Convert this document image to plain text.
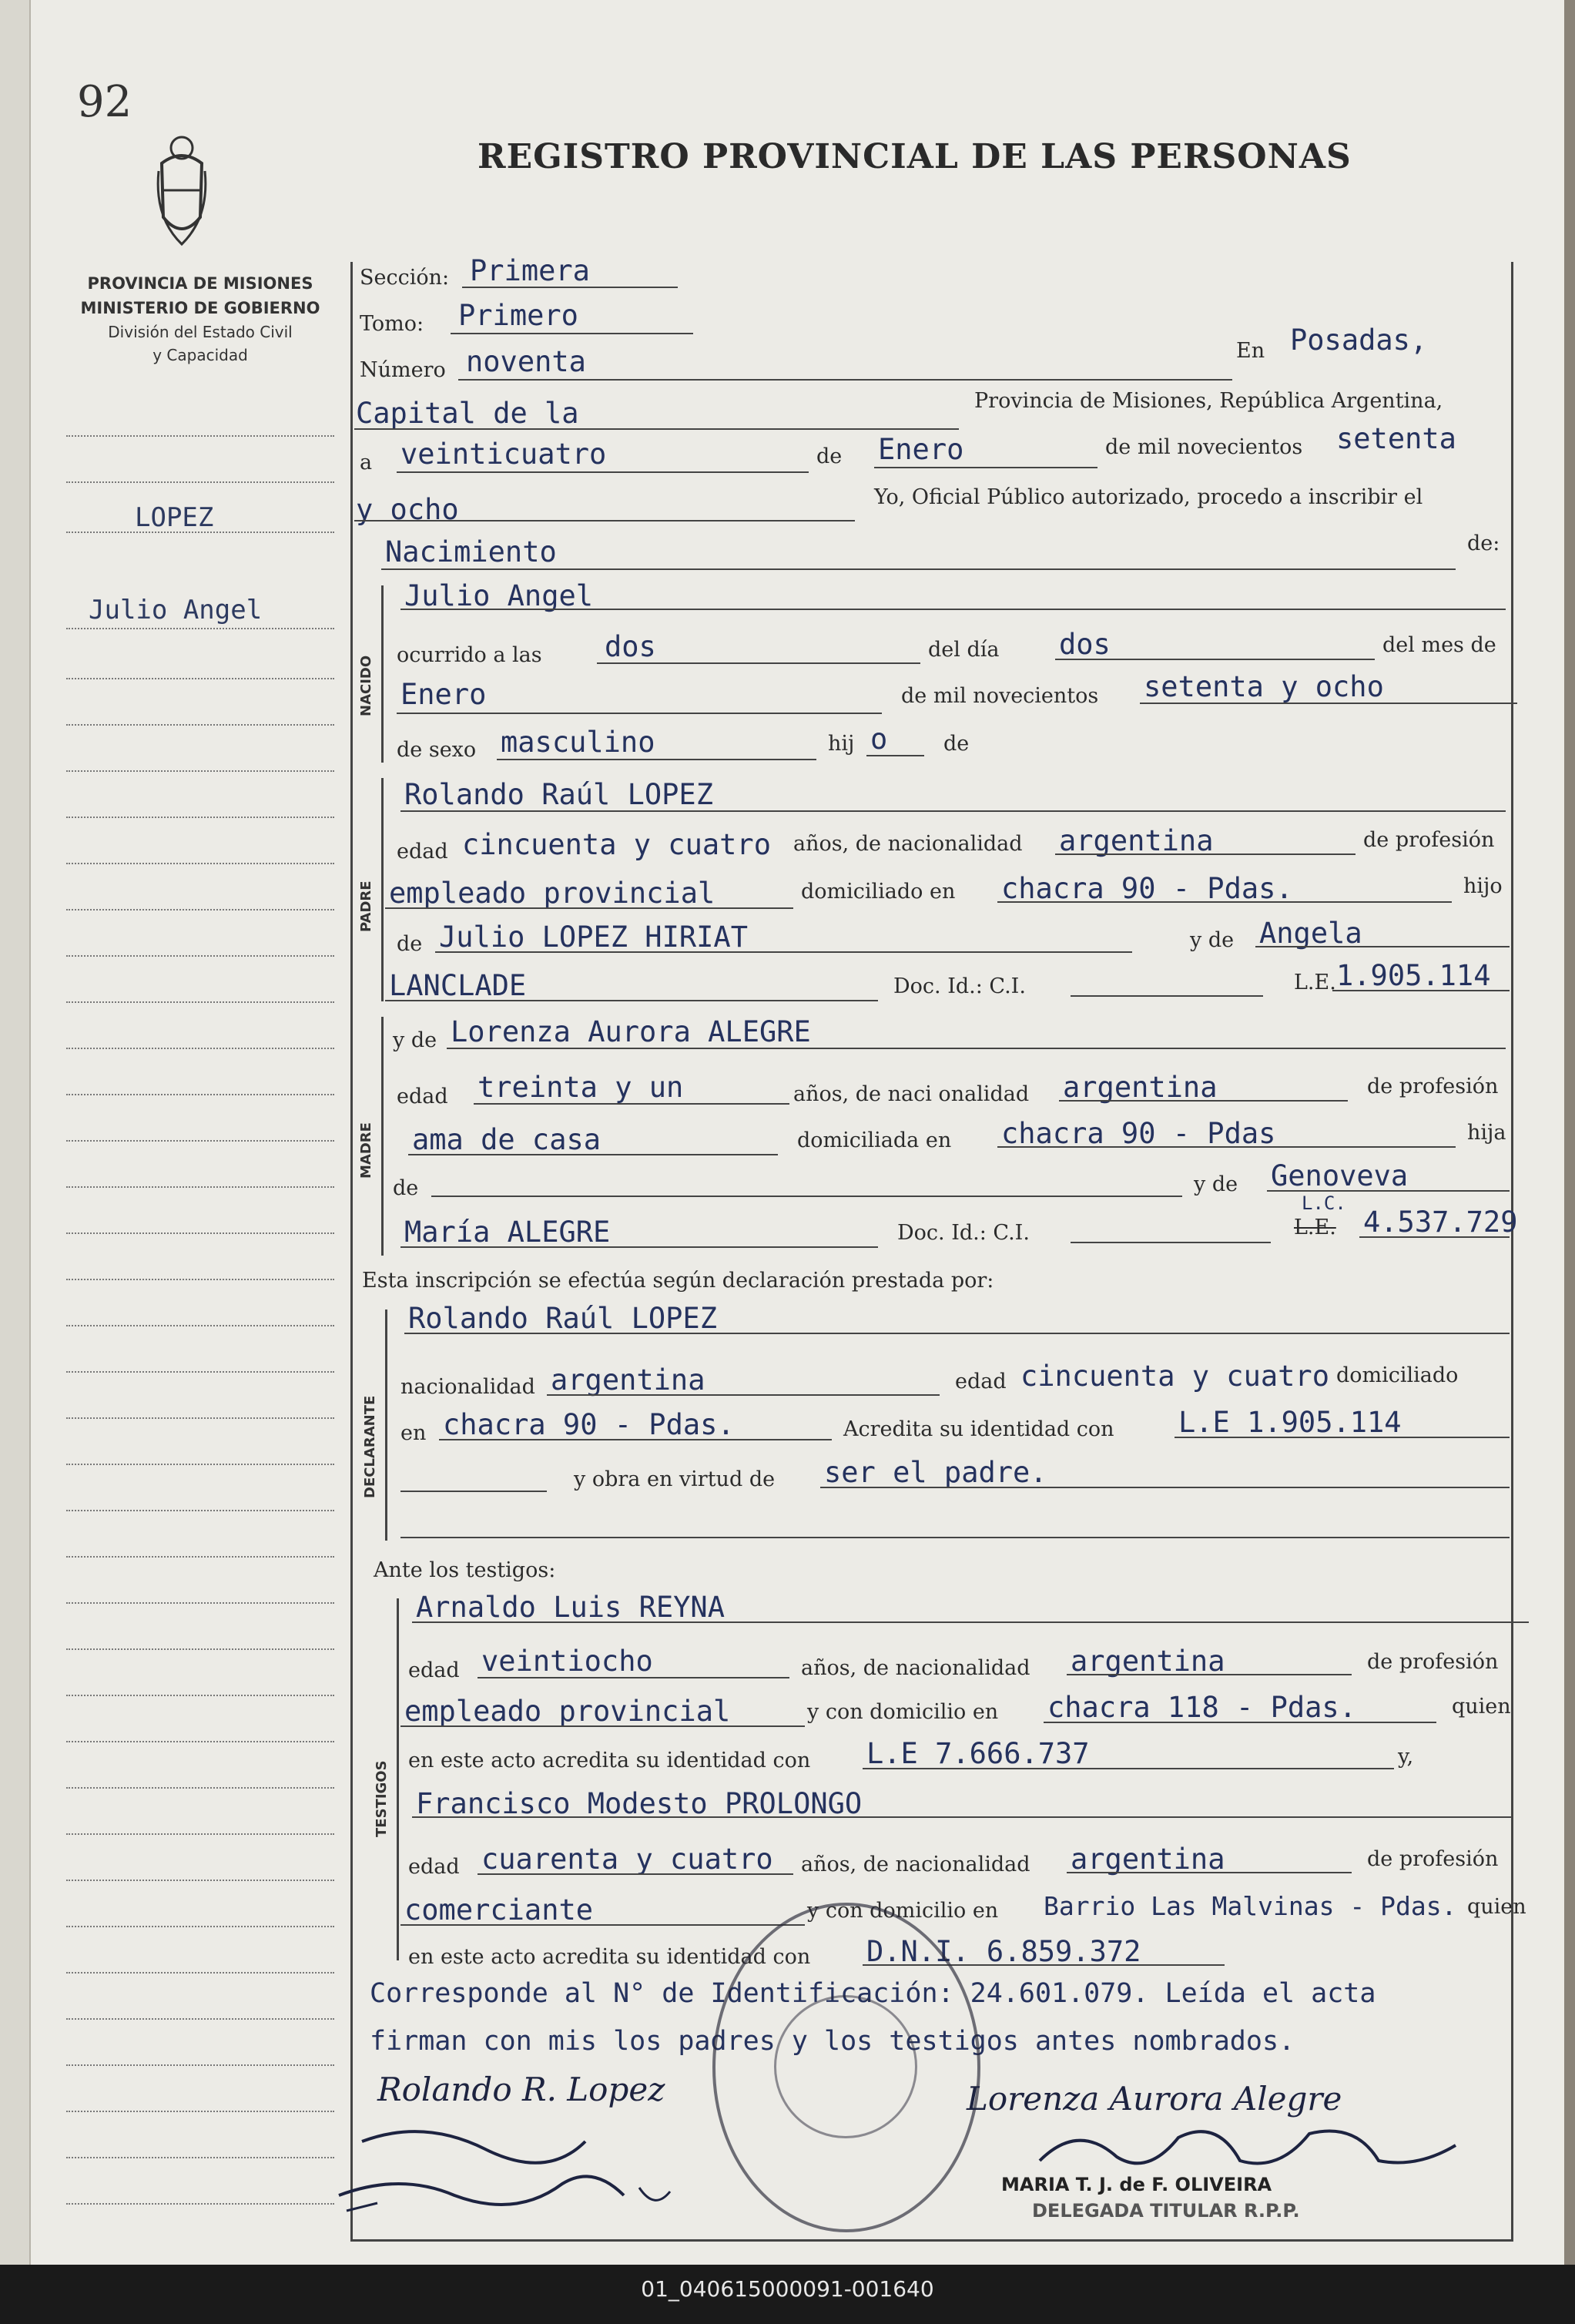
92
REGISTRO PROVINCIAL DE LAS PERSONAS
PROVINCIA DE MISIONES
MINISTERIO DE GOBIERNO
División del Estado Civil
y Capacidad
LOPEZ
Julio Angel
Sección: Primera
Tomo: Primero
Número noventa	En Posadas,
Capital de la	Provincia de Misiones, República Argentina,
a veinticuatro	de Enero	de mil novecientos setenta
y ocho	Yo, Oficial Público autorizado, procedo a inscribir el
Nacimiento	de:
NACIDO
Julio Angel
ocurrido a las dos	del día dos	del mes de
Enero	de mil novecientos setenta y ocho
de sexo masculino	hij o	de
PADRE
Rolando Raúl LOPEZ
edad cincuenta y cuatro años, de nacionalidad argentina	de profesión
empleado provincial	domiciliado en chacra 90 - Pdas.	hijo
de Julio LOPEZ HIRIAT	y de Angela
LANCLADE	Doc. Id.: C.I.	L.E. 1.905.114
MADRE
y de Lorenza Aurora ALEGRE
edad treinta y un	años, de naci onalidad argentina	de profesión
ama de casa	domiciliada en chacra 90 - Pdas	hija
de	y de Genoveva
María ALEGRE	Doc. Id.: C.I.	L.E.
L.C.
4.537.729
Esta inscripción se efectúa según declaración prestada por:
DECLARANTE
Rolando Raúl LOPEZ
nacionalidad argentina	edad cincuenta y cuatro domiciliado
en chacra 90 - Pdas.	Acredita su identidad con L.E 1.905.114
y obra en virtud de ser el padre.
Ante los testigos:
TESTIGOS
Arnaldo Luis REYNA
edad veintiocho	años, de nacionalidad argentina	de profesión
empleado provincial	y con domicilio en chacra 118 - Pdas.	quien
en este acto acredita su identidad con L.E 7.666.737	y,
Francisco Modesto PROLONGO
edad cuarenta y cuatro años, de nacionalidad argentina	de profesión
comerciante	y con domicilio en Barrio Las Malvinas - Pdas. quien
en este acto acredita su identidad con D.N.I. 6.859.372
Corresponde al N° de Identificación: 24.601.079. Leída el acta
firman con mis los padres y los testigos antes nombrados.
Rolando R. Lopez	Lorenza Aurora Alegre
MARIA T. J. de F. OLIVEIRA
DELEGADA TITULAR R.P.P.
01_040615000091-001640
